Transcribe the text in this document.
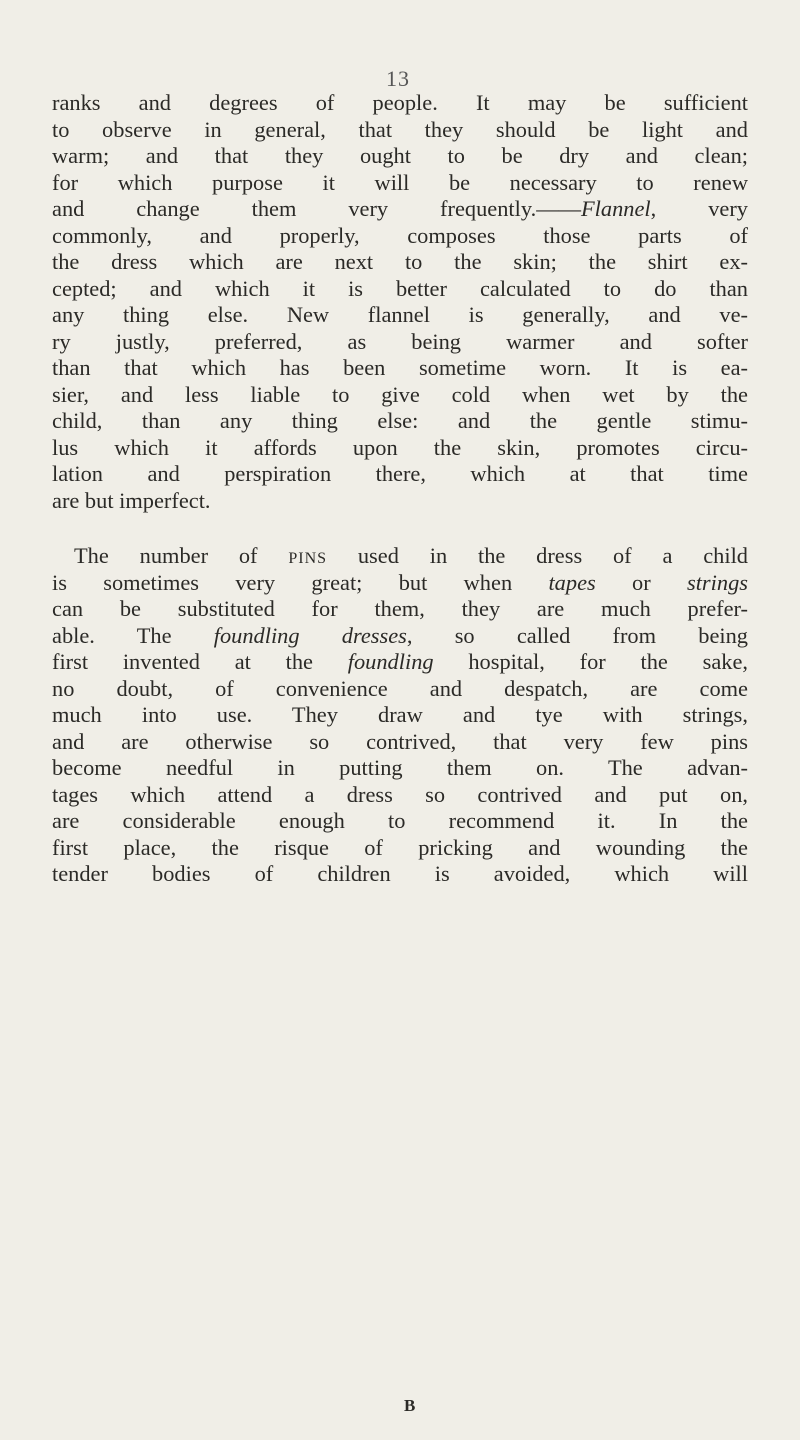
13
ranks and degrees of people. It may be sufficient
to observe in general, that they should be light and
warm; and that they ought to be dry and clean;
for which purpose it will be necessary to renew
and change them very frequently.——Flannel, very
commonly, and properly, composes those parts of
the dress which are next to the skin; the shirt ex-
cepted; and which it is better calculated to do than
any thing else. New flannel is generally, and ve-
ry justly, preferred, as being warmer and softer
than that which has been sometime worn. It is ea-
sier, and less liable to give cold when wet by the
child, than any thing else: and the gentle stimu-
lus which it affords upon the skin, promotes circu-
lation and perspiration there, which at that time
are but imperfect.
The number of pins used in the dress of a child
is sometimes very great; but when tapes or strings
can be substituted for them, they are much prefer-
able. The foundling dresses, so called from being
first invented at the foundling hospital, for the sake,
no doubt, of convenience and despatch, are come
much into use. They draw and tye with strings,
and are otherwise so contrived, that very few pins
become needful in putting them on. The advan-
tages which attend a dress so contrived and put on,
are considerable enough to recommend it. In the
first place, the risque of pricking and wounding the
tender bodies of children is avoided, which will
B
